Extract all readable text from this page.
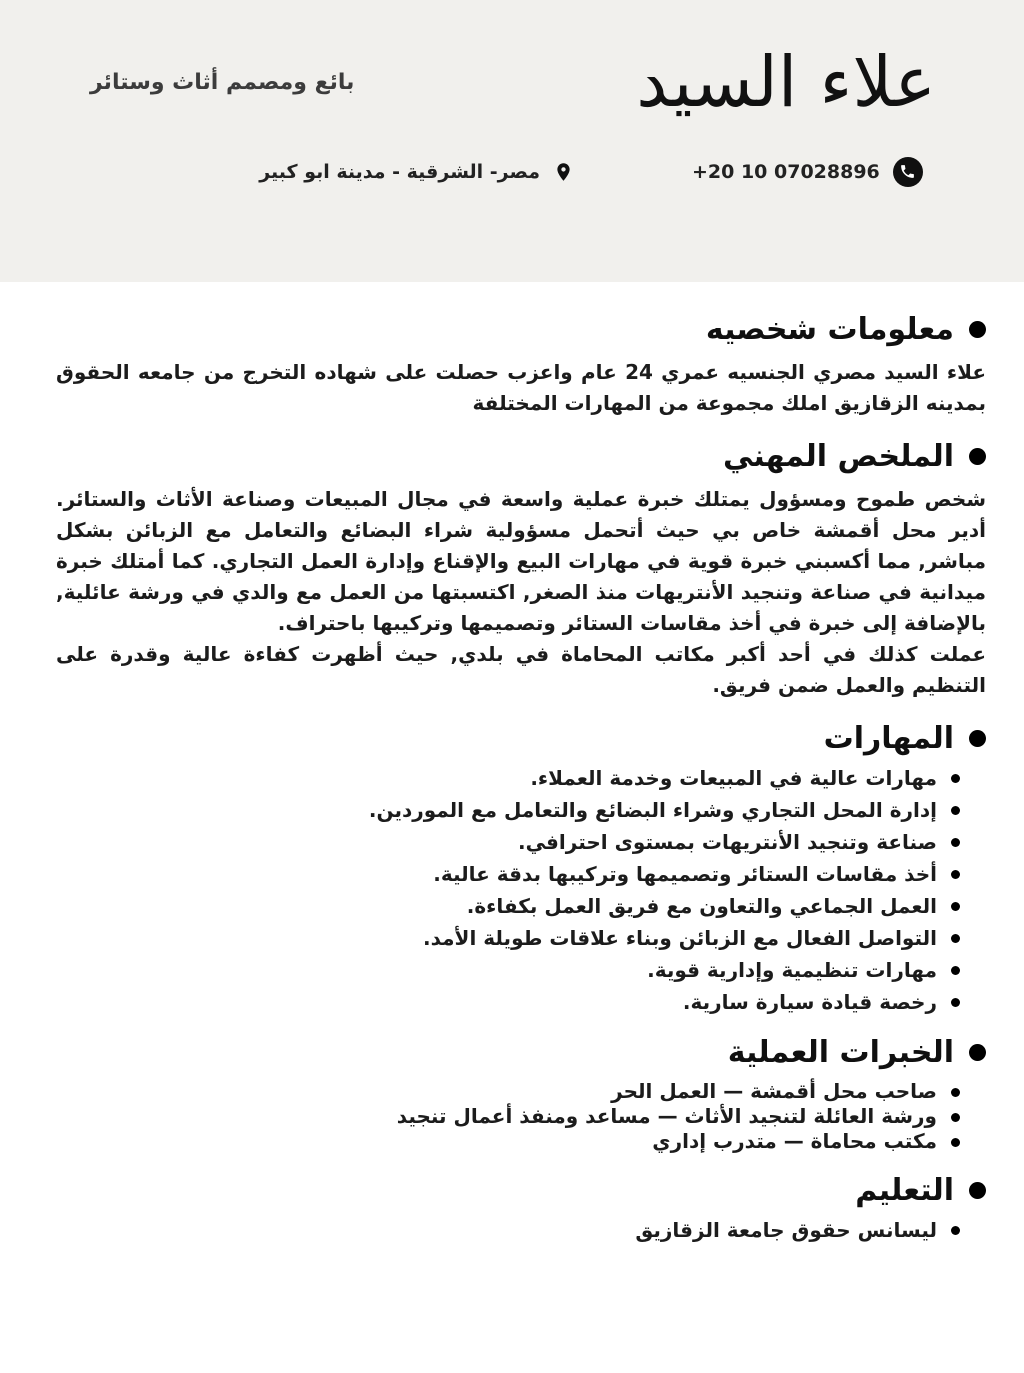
علاء السيد
بائع ومصمم أثاث وستائر
+20 10 07028896
مصر- الشرقية - مدينة ابو كبير
معلومات شخصيه

علاء السيد مصري الجنسيه عمري 24 عام واعزب حصلت على شهاده التخرج من جامعه الحقوق بمدينه الزقازيق املك مجموعة من المهارات المختلفة

الملخص المهني

شخص طموح ومسؤول يمتلك خبرة عملية واسعة في مجال المبيعات وصناعة الأثاث والستائر. أدير محل أقمشة خاص بي حيث أتحمل مسؤولية شراء البضائع والتعامل مع الزبائن بشكل مباشر, مما أكسبني خبرة قوية في مهارات البيع والإقناع وإدارة العمل التجاري. كما أمتلك خبرة ميدانية في صناعة وتنجيد الأنتريهات منذ الصغر, اكتسبتها من العمل مع والدي في ورشة عائلية, بالإضافة إلى خبرة في أخذ مقاسات الستائر وتصميمها وتركيبها باحتراف.

عملت كذلك في أحد أكبر مكاتب المحاماة في بلدي, حيث أظهرت كفاءة عالية وقدرة على التنظيم والعمل ضمن فريق.

المهارات
مهارات عالية في المبيعات وخدمة العملاء.
إدارة المحل التجاري وشراء البضائع والتعامل مع الموردين.
صناعة وتنجيد الأنتريهات بمستوى احترافي.
أخذ مقاسات الستائر وتصميمها وتركيبها بدقة عالية.
العمل الجماعي والتعاون مع فريق العمل بكفاءة.
التواصل الفعال مع الزبائن وبناء علاقات طويلة الأمد.
مهارات تنظيمية وإدارية قوية.
رخصة قيادة سيارة سارية.
الخبرات العملية
صاحب محل أقمشة — العمل الحر
ورشة العائلة لتنجيد الأثاث — مساعد ومنفذ أعمال تنجيد
مكتب محاماة — متدرب إداري
التعليم
ليسانس حقوق جامعة الزقازيق
